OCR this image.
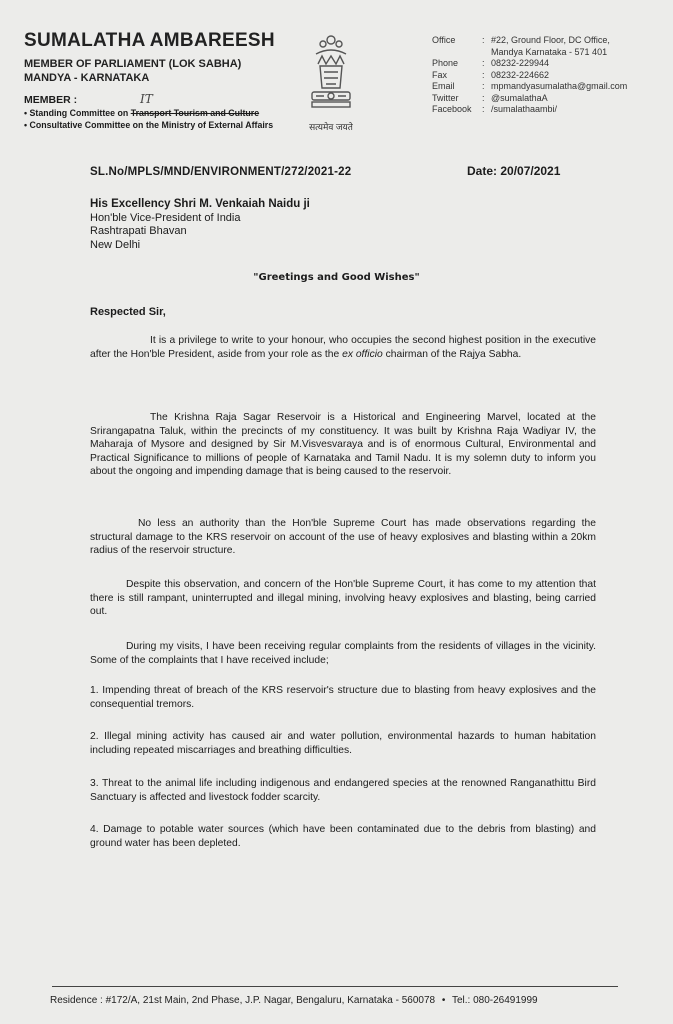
SUMALATHA AMBAREESH
MEMBER OF PARLIAMENT (LOK SABHA)
MANDYA - KARNATAKA
MEMBER :	IT
• Standing Committee on Transport Tourism and Culture
• Consultative Committee on the Ministry of External Affairs	सत्यमेव जयते
Office	: #22, Ground Floor, DC Office,
Mandya Karnataka - 571 401
Phone	: 08232-229944
Fax	: 08232-224662
Email	: mpmandyasumalatha@gmail.com
Twitter	: @sumalathaA
Facebook	: /sumalathaambi/
SL.No/MPLS/MND/ENVIRONMENT/272/2021-22	Date: 20/07/2021
His Excellency Shri M. Venkaiah Naidu ji
Hon'ble Vice-President of India
Rashtrapati Bhavan
New Delhi
"Greetings and Good Wishes"
Respected Sir,
It is a privilege to write to your honour, who occupies the second highest position in the executive after the Hon'ble President, aside from your role as the ex officio chairman of the Rajya Sabha.
The Krishna Raja Sagar Reservoir is a Historical and Engineering Marvel, located at the Srirangapatna Taluk, within the precincts of my constituency. It was built by Krishna Raja Wadiyar IV, the Maharaja of Mysore and designed by Sir M.Visvesvaraya and is of enormous Cultural, Environmental and Practical Significance to millions of people of Karnataka and Tamil Nadu. It is my solemn duty to inform you about the ongoing and impending damage that is being caused to the reservoir.
No less an authority than the Hon'ble Supreme Court has made observations regarding the structural damage to the KRS reservoir on account of the use of heavy explosives and blasting within a 20km radius of the reservoir structure.
Despite this observation, and concern of the Hon'ble Supreme Court, it has come to my attention that there is still rampant, uninterrupted and illegal mining, involving heavy explosives and blasting, being carried out.
During my visits, I have been receiving regular complaints from the residents of villages in the vicinity. Some of the complaints that I have received include;
1. Impending threat of breach of the KRS reservoir's structure due to blasting from heavy explosives and the consequential tremors.
2. Illegal mining activity has caused air and water pollution, environmental hazards to human habitation including repeated miscarriages and breathing difficulties.
3. Threat to the animal life including indigenous and endangered species at the renowned Ranganathittu Bird Sanctuary is affected and livestock fodder scarcity.
4. Damage to potable water sources (which have been contaminated due to the debris from blasting) and ground water has been depleted.
Residence : #172/A, 21st Main, 2nd Phase, J.P. Nagar, Bengaluru, Karnataka - 560078 • Tel.: 080-26491999
